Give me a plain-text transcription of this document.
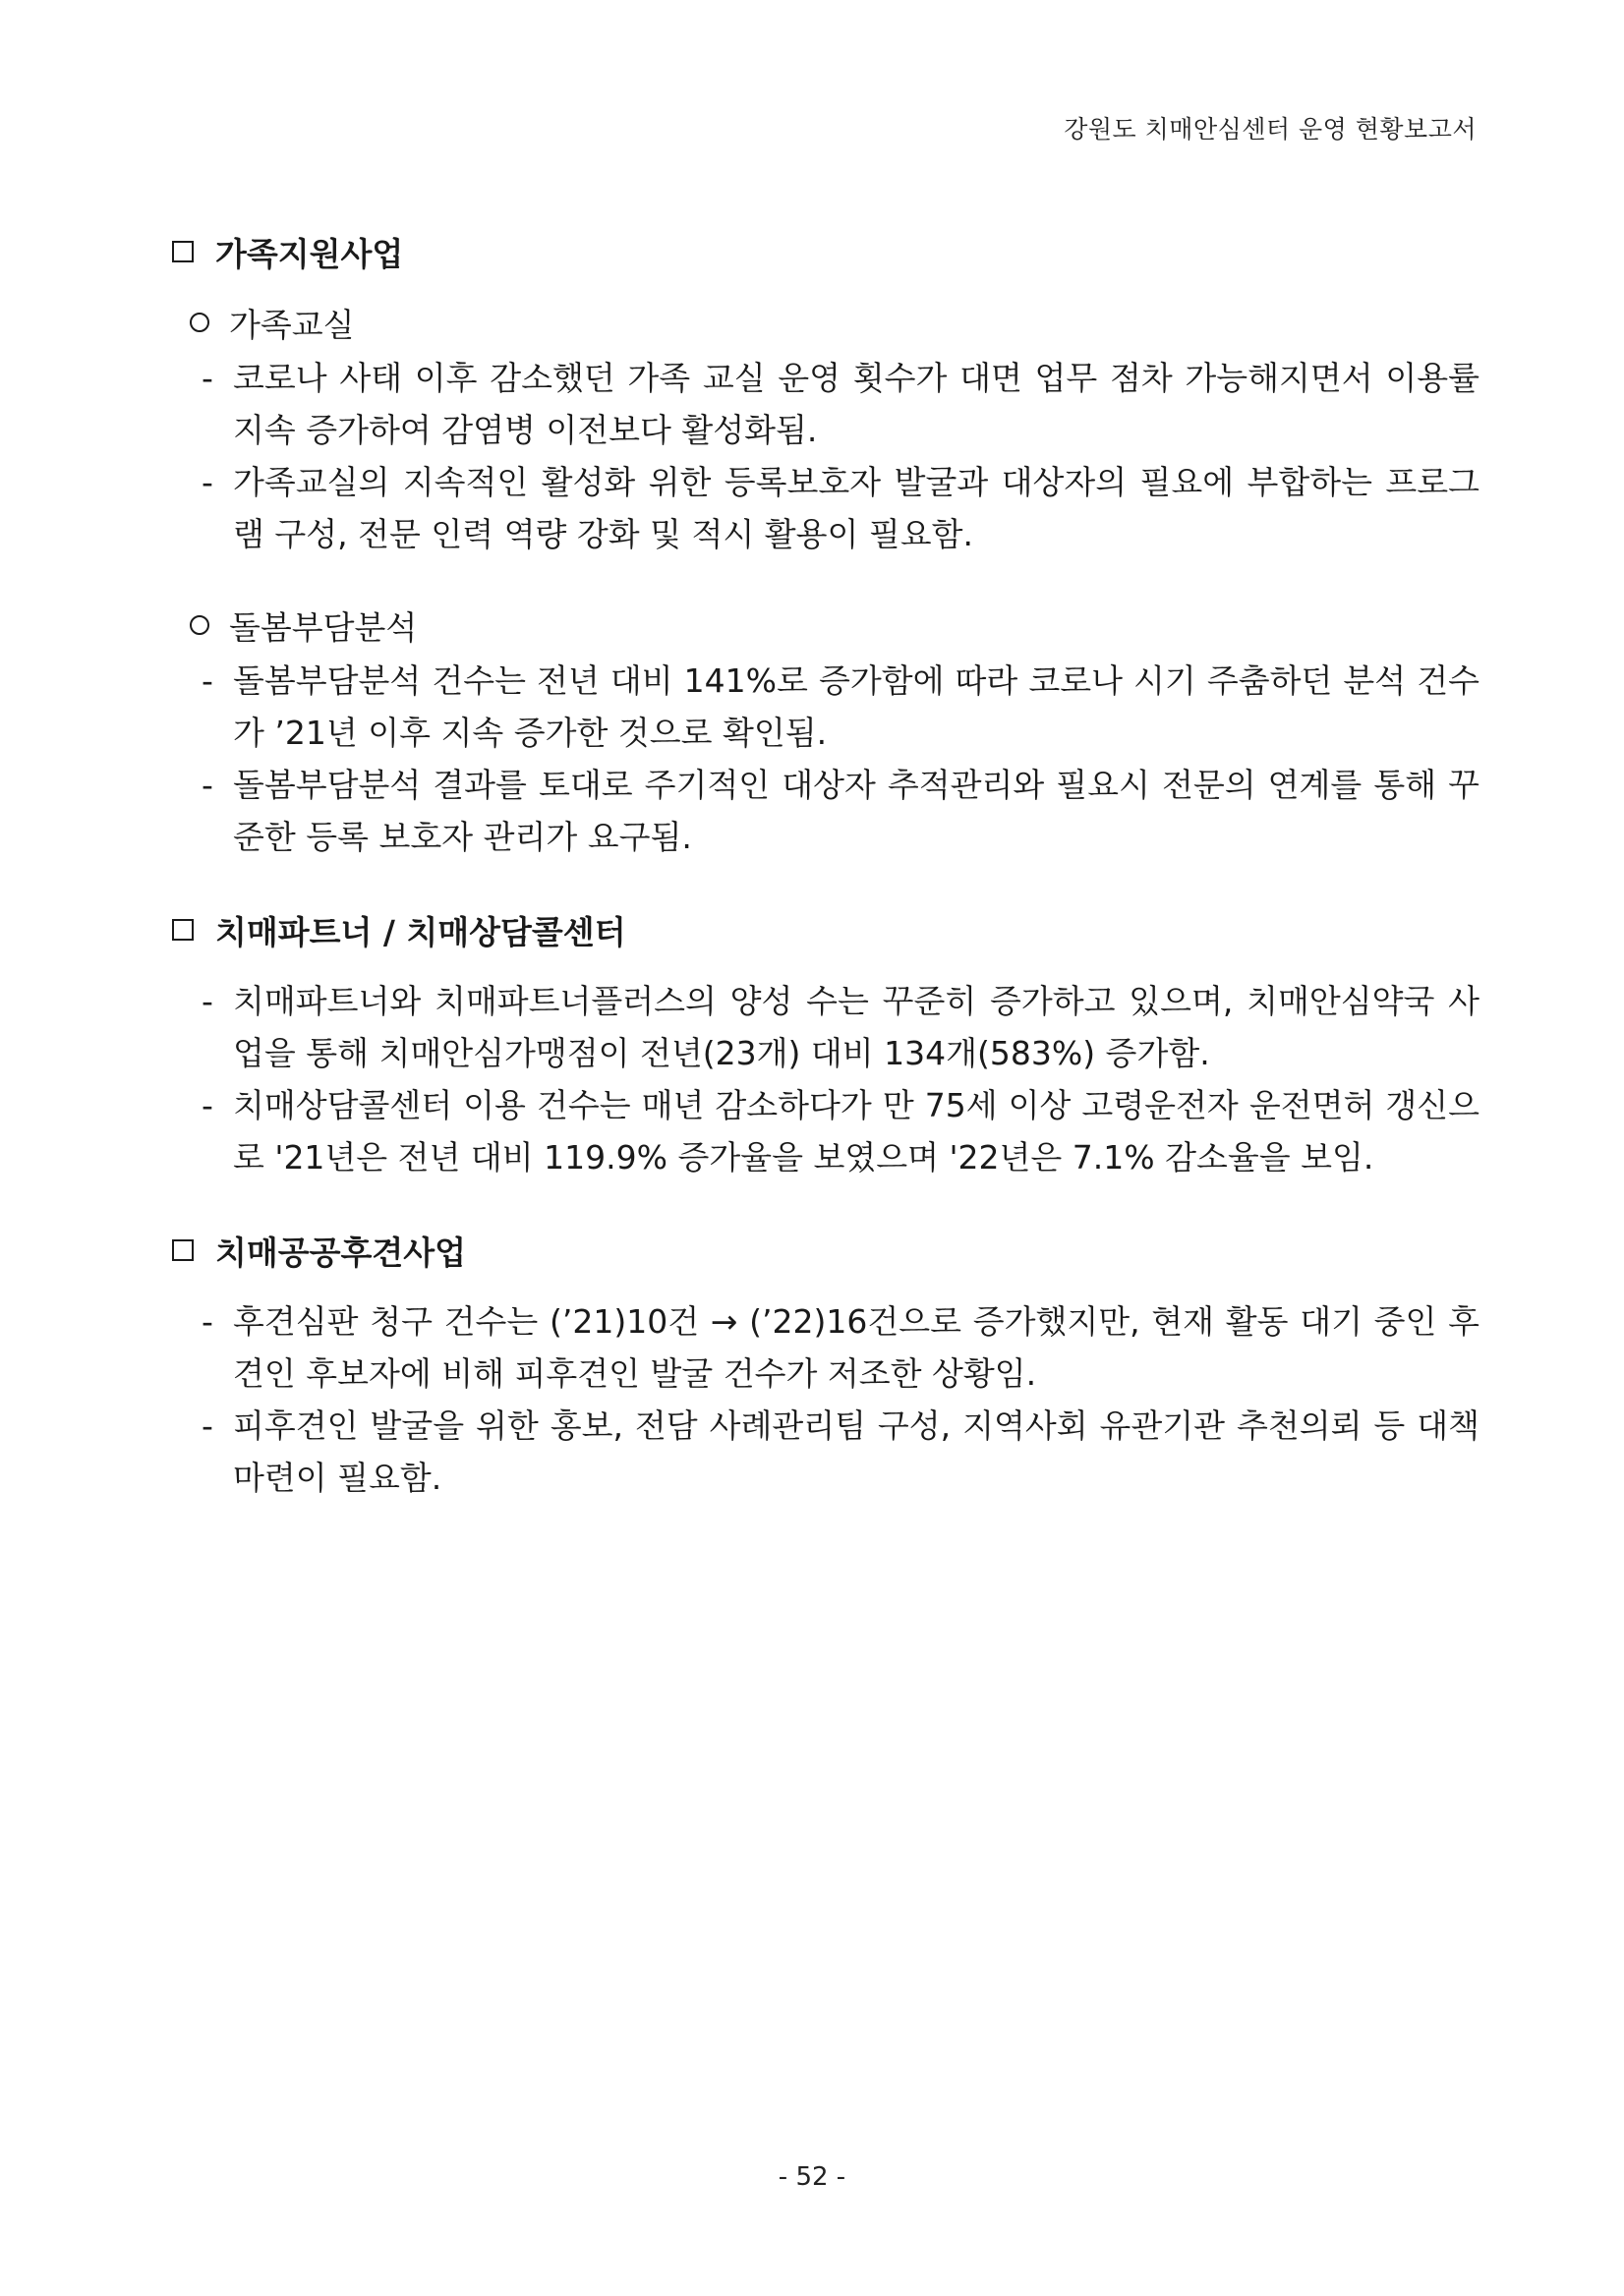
강원도 치매안심센터 운영 현황보고서
가족지원사업
가족교실
- 코로나 사태 이후 감소했던 가족 교실 운영 횟수가 대면 업무 점차 가능해지면서 이용률 지속 증가하여 감염병 이전보다 활성화됨.
- 가족교실의 지속적인 활성화 위한 등록보호자 발굴과 대상자의 필요에 부합하는 프로그램 구성, 전문 인력 역량 강화 및 적시 활용이 필요함.
돌봄부담분석
- 돌봄부담분석 건수는 전년 대비 141%로 증가함에 따라 코로나 시기 주춤하던 분석 건수가 ’21년 이후 지속 증가한 것으로 확인됨.
- 돌봄부담분석 결과를 토대로 주기적인 대상자 추적관리와 필요시 전문의 연계를 통해 꾸준한 등록 보호자 관리가 요구됨.
치매파트너 / 치매상담콜센터
- 치매파트너와 치매파트너플러스의 양성 수는 꾸준히 증가하고 있으며, 치매안심약국 사업을 통해 치매안심가맹점이 전년(23개) 대비 134개(583%) 증가함.
- 치매상담콜센터 이용 건수는 매년 감소하다가 만 75세 이상 고령운전자 운전면허 갱신으로 '21년은 전년 대비 119.9% 증가율을 보였으며 '22년은 7.1% 감소율을 보임.
치매공공후견사업
- 후견심판 청구 건수는 (’21)10건 → (’22)16건으로 증가했지만, 현재 활동 대기 중인 후견인 후보자에 비해 피후견인 발굴 건수가 저조한 상황임.
- 피후견인 발굴을 위한 홍보, 전담 사례관리팀 구성, 지역사회 유관기관 추천의뢰 등 대책 마련이 필요함.
- 52 -
